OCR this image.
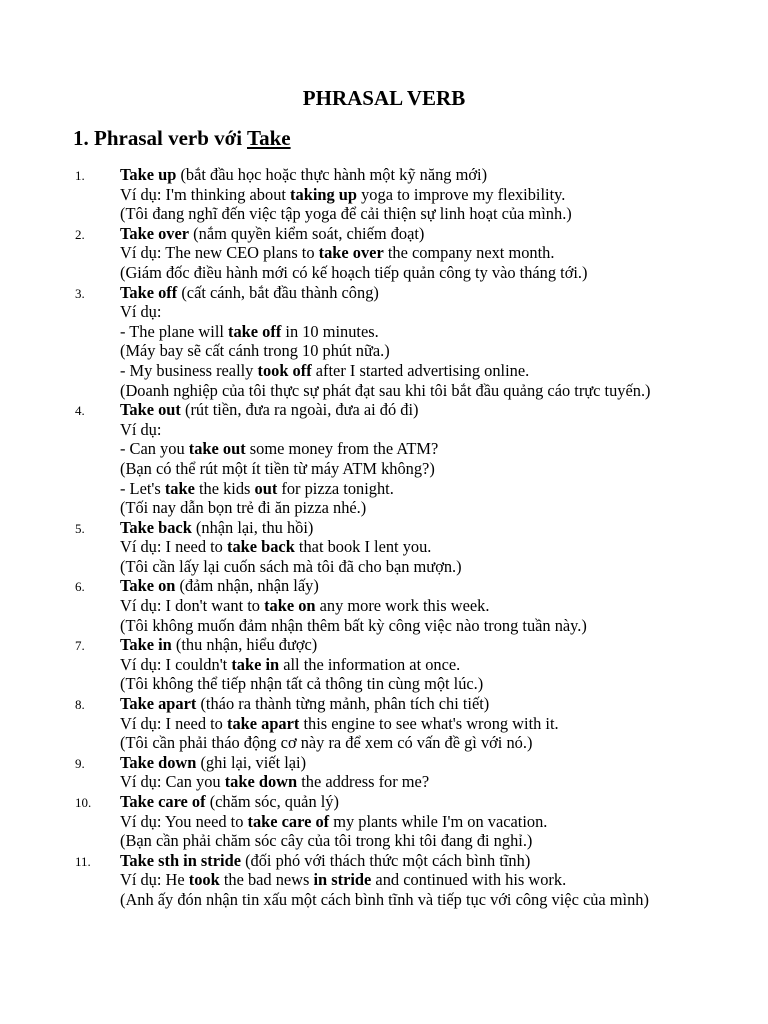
PHRASAL VERB
1. Phrasal verb với Take
1.	Take up (bắt đầu học hoặc thực hành một kỹ năng mới)
Ví dụ: I'm thinking about taking up yoga to improve my flexibility.
(Tôi đang nghĩ đến việc tập yoga để cải thiện sự linh hoạt của mình.)
2.	Take over (nắm quyền kiểm soát, chiếm đoạt)
Ví dụ: The new CEO plans to take over the company next month.
(Giám đốc điều hành mới có kế hoạch tiếp quản công ty vào tháng tới.)
3.	Take off (cất cánh, bắt đầu thành công)
Ví dụ:
- The plane will take off in 10 minutes.
(Máy bay sẽ cất cánh trong 10 phút nữa.)
- My business really took off after I started advertising online.
(Doanh nghiệp của tôi thực sự phát đạt sau khi tôi bắt đầu quảng cáo trực tuyến.)
4.	Take out (rút tiền, đưa ra ngoài, đưa ai đó đi)
Ví dụ:
- Can you take out some money from the ATM?
(Bạn có thể rút một ít tiền từ máy ATM không?)
- Let's take the kids out for pizza tonight.
(Tối nay dẫn bọn trẻ đi ăn pizza nhé.)
5.	Take back (nhận lại, thu hồi)
Ví dụ: I need to take back that book I lent you.
(Tôi cần lấy lại cuốn sách mà tôi đã cho bạn mượn.)
6.	Take on (đảm nhận, nhận lấy)
Ví dụ: I don't want to take on any more work this week.
(Tôi không muốn đảm nhận thêm bất kỳ công việc nào trong tuần này.)
7.	Take in (thu nhận, hiểu được)
Ví dụ: I couldn't take in all the information at once.
(Tôi không thể tiếp nhận tất cả thông tin cùng một lúc.)
8.	Take apart (tháo ra thành từng mảnh, phân tích chi tiết)
Ví dụ: I need to take apart this engine to see what's wrong with it.
(Tôi cần phải tháo động cơ này ra để xem có vấn đề gì với nó.)
9.	Take down (ghi lại, viết lại)
Ví dụ: Can you take down the address for me?
10.	Take care of (chăm sóc, quản lý)
Ví dụ: You need to take care of my plants while I'm on vacation.
(Bạn cần phải chăm sóc cây của tôi trong khi tôi đang đi nghỉ.)
11.	Take sth in stride (đối phó với thách thức một cách bình tĩnh)
Ví dụ: He took the bad news in stride and continued with his work.
(Anh ấy đón nhận tin xấu một cách bình tĩnh và tiếp tục với công việc của mình)
